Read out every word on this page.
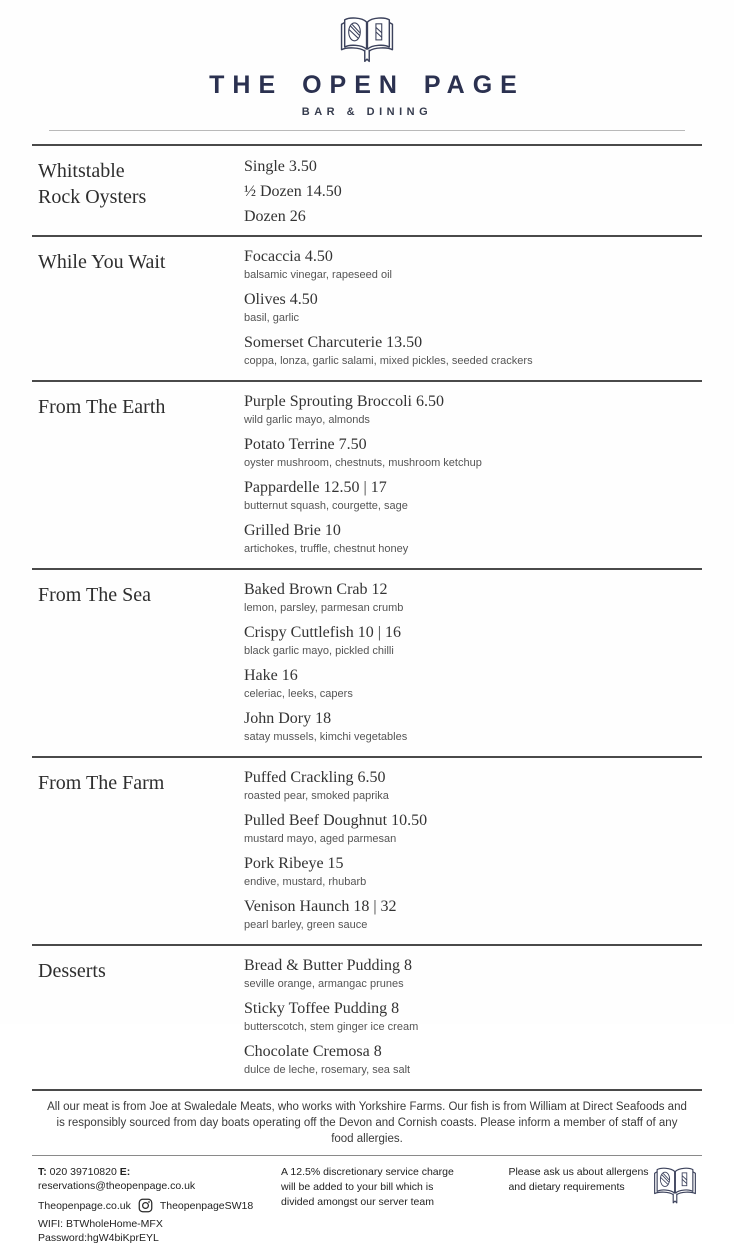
THE OPEN PAGE
BAR & DINING
Whitstable
Rock Oysters
Single 3.50
½ Dozen 14.50
Dozen 26
While You Wait	Focaccia 4.50
balsamic vinegar, rapeseed oil
Olives 4.50
basil, garlic
Somerset Charcuterie 13.50
coppa, lonza, garlic salami, mixed pickles, seeded crackers
From The Earth	Purple Sprouting Broccoli 6.50
wild garlic mayo, almonds
Potato Terrine 7.50
oyster mushroom, chestnuts, mushroom ketchup
Pappardelle 12.50 | 17
butternut squash, courgette, sage
Grilled Brie 10
artichokes, truffle, chestnut honey
From The Sea	Baked Brown Crab 12
lemon, parsley, parmesan crumb
Crispy Cuttlefish 10 | 16
black garlic mayo, pickled chilli
Hake 16
celeriac, leeks, capers
John Dory 18
satay mussels, kimchi vegetables
From The Farm	Puffed Crackling 6.50
roasted pear, smoked paprika
Pulled Beef Doughnut 10.50
mustard mayo, aged parmesan
Pork Ribeye 15
endive, mustard, rhubarb
Venison Haunch 18 | 32
pearl barley, green sauce
Desserts	Bread & Butter Pudding 8
seville orange, armangac prunes
Sticky Toffee Pudding 8
butterscotch, stem ginger ice cream
Chocolate Cremosa 8
dulce de leche, rosemary, sea salt
All our meat is from Joe at Swaledale Meats, who works with Yorkshire Farms. Our fish is from William at Direct Seafoods and is responsibly sourced from day boats operating off the Devon and Cornish coasts. Please inform a member of staff of any food allergies.
T: 020 39710820 E: reservations@theopenpage.co.uk
Theopenpage.co.uk	TheopenpageSW18
WIFI: BTWholeHome-MFX Password:hgW4biKprEYL
A 12.5% discretionary service charge will be added to your bill which is divided amongst our server team
Please ask us about allergens and dietary requirements
